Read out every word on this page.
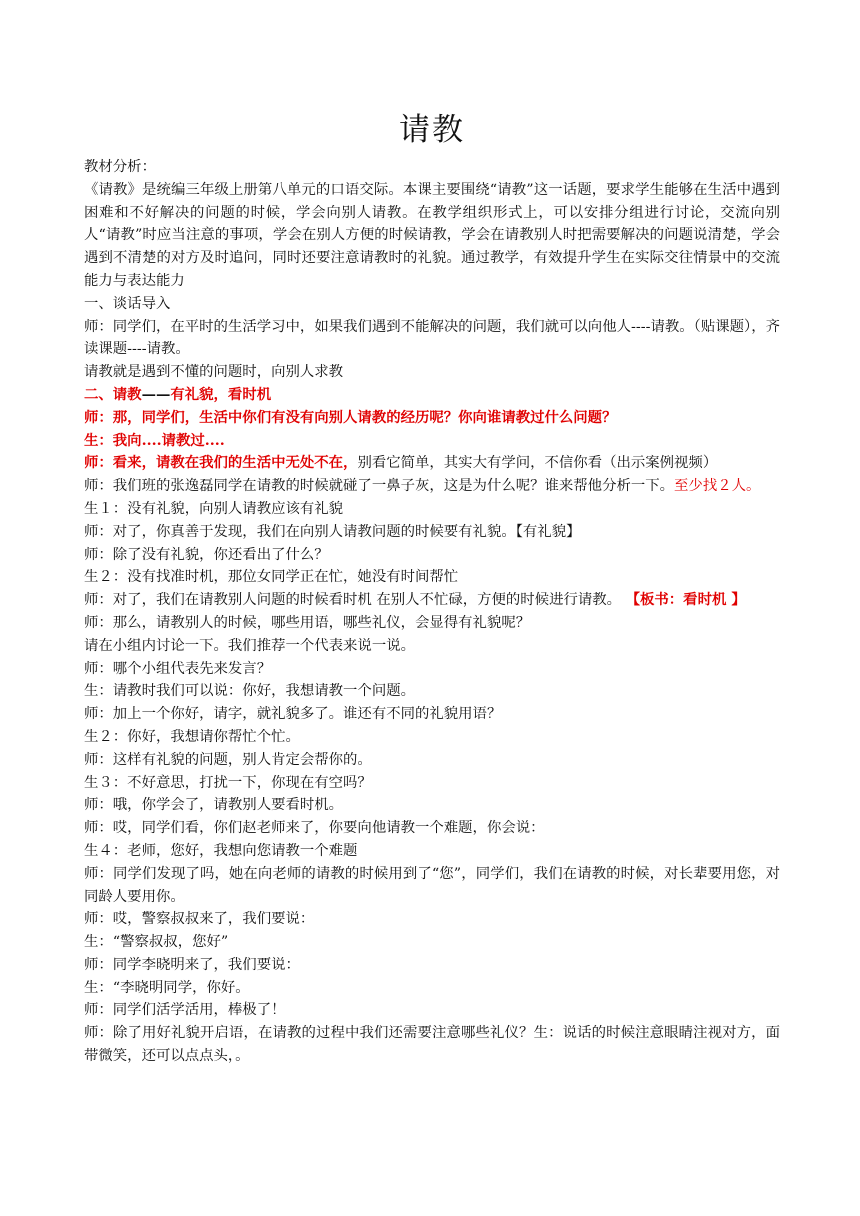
请教

教材分析：

《请教》是统编三年级上册第八单元的口语交际。本课主要围绕“请教”这一话题，要求学生能够在生活中遇到困难和不好解决的问题的时候，学会向别人请教。在教学组织形式上，可以安排分组进行讨论，交流向别人“请教”时应当注意的事项，学会在别人方便的时候请教，学会在请教别人时把需要解决的问题说清楚，学会遇到不清楚的对方及时追问，同时还要注意请教时的礼貌。通过教学，有效提升学生在实际交往情景中的交流能力与表达能力

一、谈话导入

师：同学们，在平时的生活学习中，如果我们遇到不能解决的问题，我们就可以向他人----请教。（贴课题），齐读课题----请教。

请教就是遇到不懂的问题时，向别人求教

二、请教——有礼貌，看时机

师：那，同学们，生活中你们有没有向别人请教的经历呢？你向谁请教过什么问题？

生：我向....请教过....

师：看来，请教在我们的生活中无处不在，别看它简单，其实大有学问，不信你看（出示案例视频）

师：我们班的张逸磊同学在请教的时候就碰了一鼻子灰，这是为什么呢？谁来帮他分析一下。至少找２人。

生１：没有礼貌，向别人请教应该有礼貌

师：对了，你真善于发现，我们在向别人请教问题的时候要有礼貌。【有礼貌】

师：除了没有礼貌，你还看出了什么？

生２：没有找准时机，那位女同学正在忙，她没有时间帮忙

师：对了，我们在请教别人问题的时候看时机 在别人不忙碌，方便的时候进行请教。 【板书：看时机 】

师：那么，请教别人的时候，哪些用语，哪些礼仪，会显得有礼貌呢？

请在小组内讨论一下。我们推荐一个代表来说一说。

师：哪个小组代表先来发言？

生：请教时我们可以说：你好，我想请教一个问题。

师：加上一个你好，请字，就礼貌多了。谁还有不同的礼貌用语？

生２：你好，我想请你帮忙个忙。

师：这样有礼貌的问题，别人肯定会帮你的。

生３：不好意思，打扰一下，你现在有空吗？

师：哦，你学会了，请教别人要看时机。

师：哎，同学们看，你们赵老师来了，你要向他请教一个难题，你会说：

生４：老师，您好，我想向您请教一个难题

师：同学们发现了吗，她在向老师的请教的时候用到了“您”，同学们，我们在请教的时候，对长辈要用您，对同龄人要用你。

师：哎，警察叔叔来了，我们要说：

生：“警察叔叔，您好”

师：同学李晓明来了，我们要说：

生：“李晓明同学，你好。

师：同学们活学活用，棒极了！

师：除了用好礼貌开启语，在请教的过程中我们还需要注意哪些礼仪？生：说话的时候注意眼睛注视对方，面带微笑，还可以点点头，。
